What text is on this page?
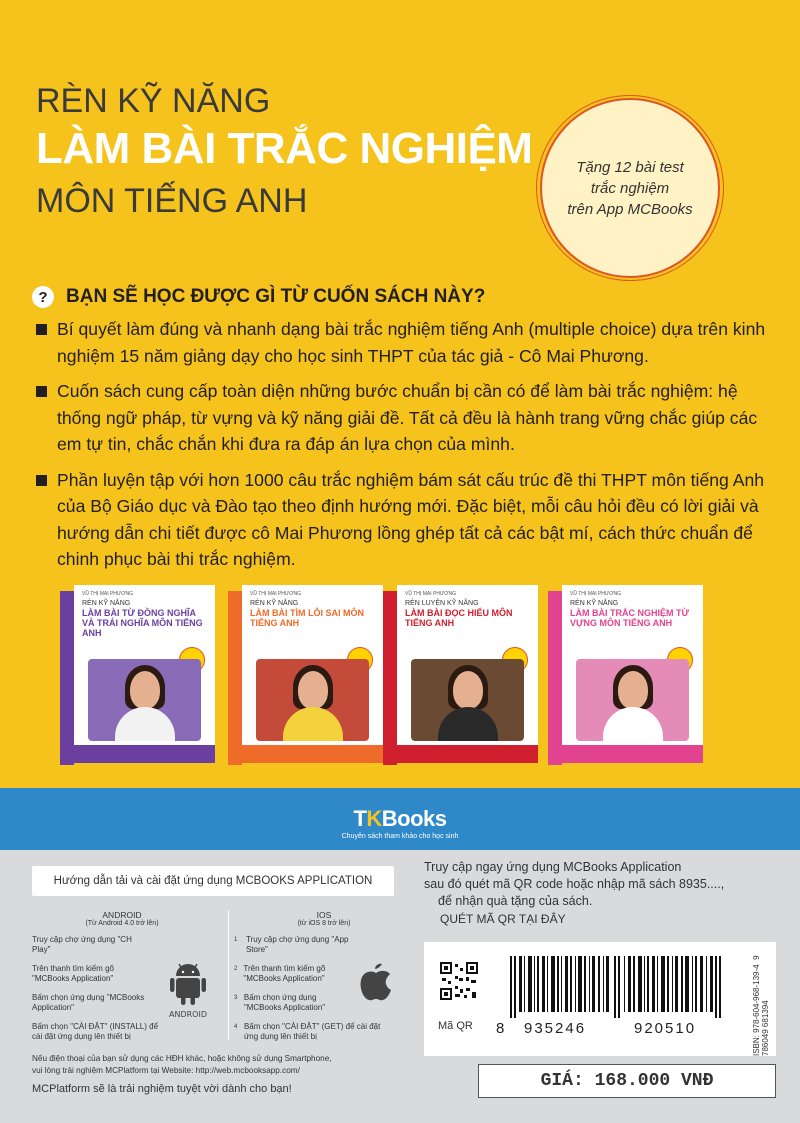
RÈN KỸ NĂNG
LÀM BÀI TRẮC NGHIỆM
MÔN TIẾNG ANH
Tặng 12 bài test
trắc nghiệm
trên App MCBooks
? BẠN SẼ HỌC ĐƯỢC GÌ TỪ CUỐN SÁCH NÀY?
Bí quyết làm đúng và nhanh dạng bài trắc nghiệm tiếng Anh (multiple choice) dựa trên kinh nghiệm 15 năm giảng dạy cho học sinh THPT của tác giả - Cô Mai Phương.
Cuốn sách cung cấp toàn diện những bước chuẩn bị cần có để làm bài trắc nghiệm: hệ thống ngữ pháp, từ vựng và kỹ năng giải đề. Tất cả đều là hành trang vững chắc giúp các em tự tin, chắc chắn khi đưa ra đáp án lựa chọn của mình.
Phần luyện tập với hơn 1000 câu trắc nghiệm bám sát cấu trúc đề thi THPT môn tiếng Anh của Bộ Giáo dục và Đào tạo theo định hướng mới. Đặc biệt, mỗi câu hỏi đều có lời giải và hướng dẫn chi tiết được cô Mai Phương lồng ghép tất cả các bật mí, cách thức chuẩn để chinh phục bài thi trắc nghiệm.
VŨ THỊ MAI PHƯƠNG
RÈN KỸ NĂNG
LÀM BÀI TỪ ĐỒNG NGHĨA VÀ TRÁI NGHĨA MÔN TIẾNG ANH
VŨ THỊ MAI PHƯƠNG
RÈN KỸ NĂNG
LÀM BÀI TÌM LỖI SAI MÔN TIẾNG ANH
VŨ THỊ MAI PHƯƠNG
RÈN LUYỆN KỸ NĂNG
LÀM BÀI ĐỌC HIỂU MÔN TIẾNG ANH
VŨ THỊ MAI PHƯƠNG
RÈN KỸ NĂNG
LÀM BÀI TRẮC NGHIỆM TỪ VỰNG MÔN TIẾNG ANH
TKBooks
Chuyên sách tham khảo cho học sinh
Hướng dẫn tải và cài đặt ứng dụng MCBOOKS APPLICATION
ANDROID
(Từ Android 4.0 trở lên)
Truy cập chợ ứng dụng "CH Play"
Trên thanh tìm kiếm gõ "MCBooks Application"
Bấm chọn ứng dụng "MCBooks Application"
Bấm chọn "CÀI ĐẶT" (INSTALL) để cài đặt ứng dụng lên thiết bị
ANDROID
IOS
(từ iOS 8 trở lên)
1	Truy cập chợ ứng dụng "App Store"
2 Trên thanh tìm kiếm gõ "MCBooks Application"
3 Bấm chọn ứng dụng "MCBooks Application"
4 Bấm chọn "CÀI ĐẶT" (GET) để cài đặt ứng dụng lên thiết bị
Nếu điện thoại của bạn sử dụng các HĐH khác, hoặc không sử dụng Smartphone,
vui lòng trải nghiệm MCPlatform tại Website: http://web.mcbooksapp.com/
MCPlatform sẽ là trải nghiệm tuyệt vời dành cho bạn!
Truy cập ngay ứng dụng MCBooks Application
sau đó quét mã QR code hoặc nhập mã sách 8935....,
để nhận quà tặng của sách.
QUÉT MÃ QR TẠI ĐÂY
Mã QR 8 935246	920510	ISBN: 978-604-968-139-4  9 786049 681394
GIÁ: 168.000 VNĐ
